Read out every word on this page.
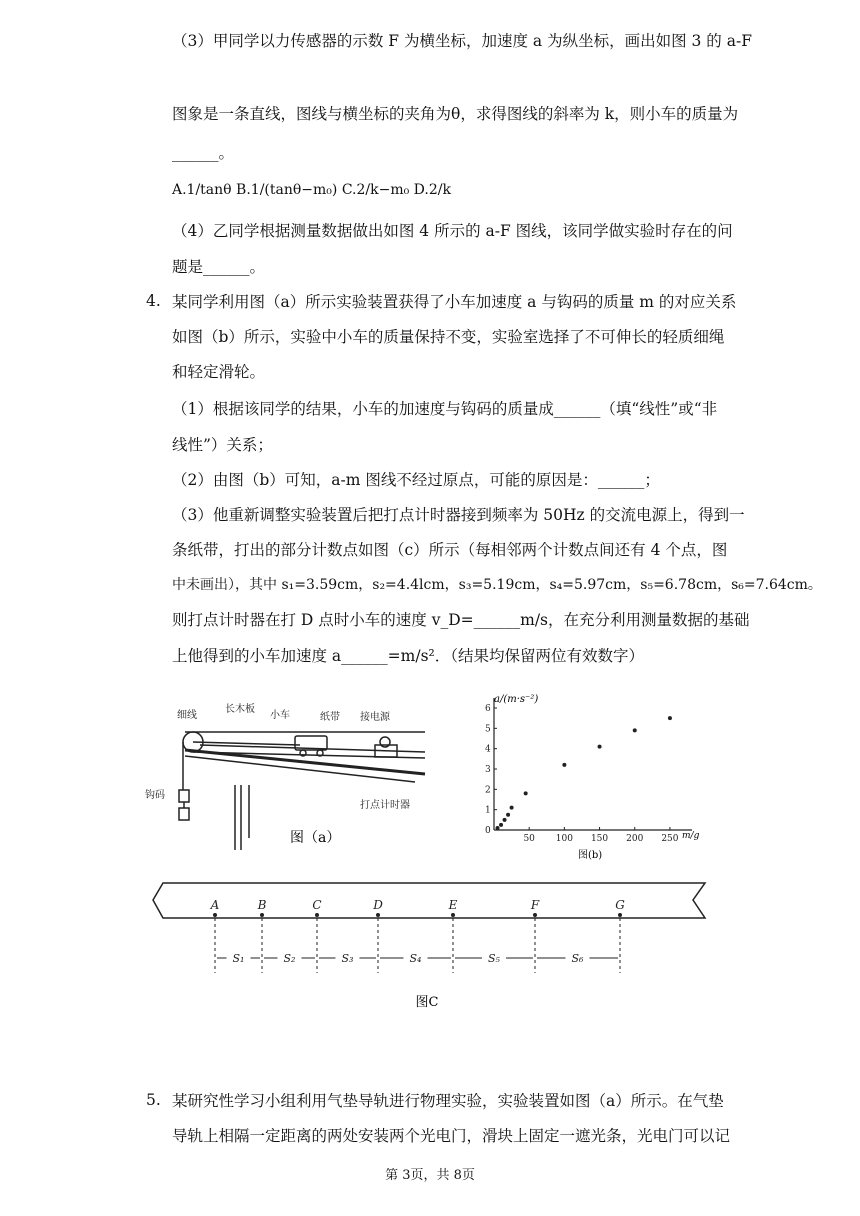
（3）甲同学以力传感器的示数 F 为横坐标，加速度 a 为纵坐标，画出如图 3 的 a-F
图象是一条直线，图线与横坐标的夹角为θ，求得图线的斜率为 k，则小车的质量为
______。
A.1/tanθ B.1/(tanθ−m₀) C.2/k−m₀ D.2/k
（4）乙同学根据测量数据做出如图 4 所示的 a-F 图线，该同学做实验时存在的问
题是______。
4. 某同学利用图（a）所示实验装置获得了小车加速度 a 与钩码的质量 m 的对应关系
如图（b）所示，实验中小车的质量保持不变，实验室选择了不可伸长的轻质细绳
和轻定滑轮。
（1）根据该同学的结果，小车的加速度与钩码的质量成______（填“线性”或“非
线性”）关系；
（2）由图（b）可知，a-m 图线不经过原点，可能的原因是：______；
（3）他重新调整实验装置后把打点计时器接到频率为 50Hz 的交流电源上，得到一
条纸带，打出的部分计数点如图（c）所示（每相邻两个计数点间还有 4 个点，图
中未画出），其中 s₁=3.59cm，s₂=4.4lcm，s₃=5.19cm，s₄=5.97cm，s₅=6.78cm，s₆=7.64cm。
则打点计时器在打 D 点时小车的速度 v_D=______m/s，在充分利用测量数据的基础
上他得到的小车加速度 a______=m/s²．（结果均保留两位有效数字）
细线
长木板
小车	纸带 接电源
钩码
打点计时器
图（a）	0
1
2
3
4
5
6
50 100 150 200 250
a/(m·s⁻²)
m/g
图(b)
A	B	C	D	E	F	G
S₁	S₂	S₃	S₄	S₅	S₆
图C
5. 某研究性学习小组利用气垫导轨进行物理实验，实验装置如图（a）所示。在气垫
导轨上相隔一定距离的两处安装两个光电门，滑块上固定一遮光条，光电门可以记
第 3页，共 8页
